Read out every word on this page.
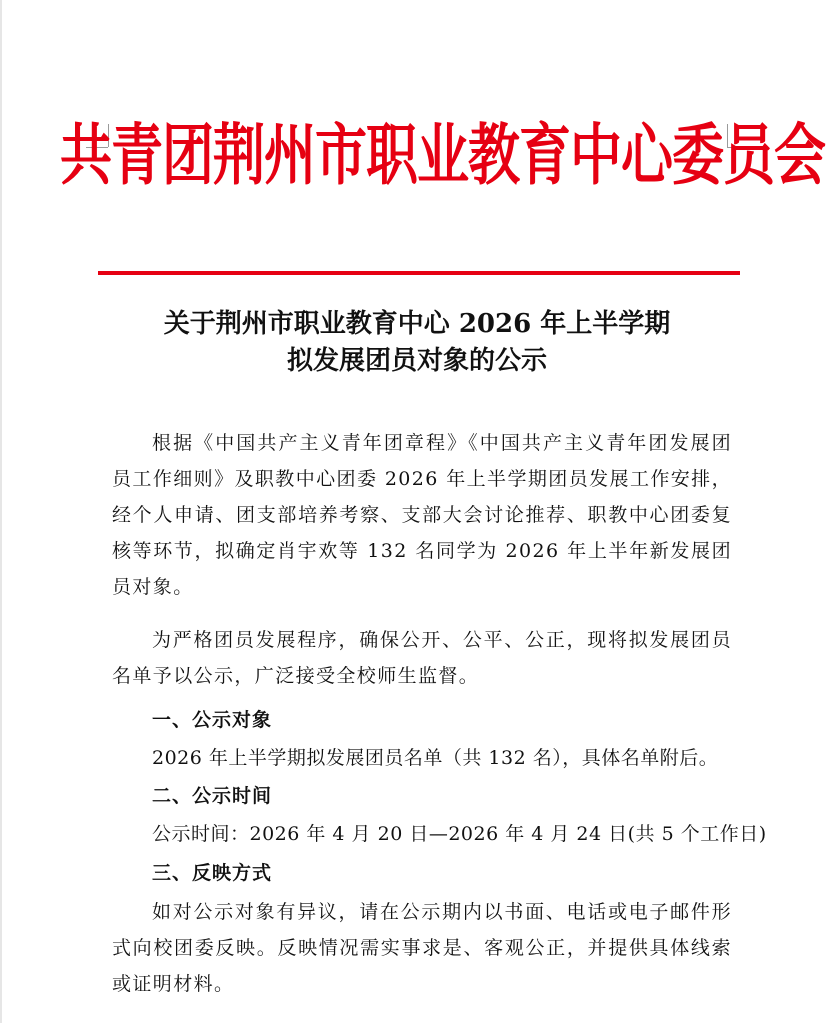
共青团荆州市职业教育中心委员会
关于荆州市职业教育中心 2026 年上半学期
拟发展团员对象的公示
根据《中国共产主义青年团章程》《中国共产主义青年团发展团员工作细则》及职教中心团委 2026 年上半学期团员发展工作安排，经个人申请、团支部培养考察、支部大会讨论推荐、职教中心团委复核等环节，拟确定肖宇欢等 132 名同学为 2026 年上半年新发展团员对象。
为严格团员发展程序，确保公开、公平、公正，现将拟发展团员名单予以公示，广泛接受全校师生监督。
一、公示对象
2026 年上半学期拟发展团员名单（共 132 名），具体名单附后。
二、公示时间
公示时间：2026 年 4 月 20 日—2026 年 4 月 24 日(共 5 个工作日)
三、反映方式
如对公示对象有异议，请在公示期内以书面、电话或电子邮件形式向校团委反映。反映情况需实事求是、客观公正，并提供具体线索或证明材料。
